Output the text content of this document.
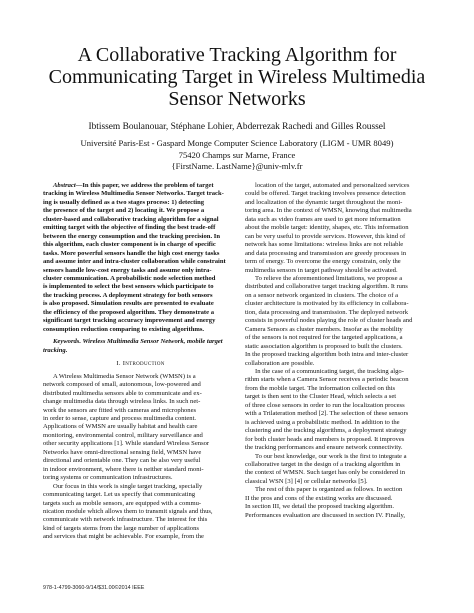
A Collaborative Tracking Algorithm for
Communicating Target in Wireless Multimedia
Sensor Networks

Ibtissem Boulanouar, Stéphane Lohier, Abderrezak Rachedi and Gilles Roussel

Université Paris-Est - Gaspard Monge Computer Science Laboratory (LIGM - UMR 8049)
75420 Champs sur Marne, France
{FirstName. LastName}@univ-mlv.fr

Abstract—In this paper, we address the problem of target
tracking in Wireless Multimedia Sensor Networks. Target track-
ing is usually defined as a two stages process: 1) detecting
the presence of the target and 2) locating it. We propose a
cluster-based and collaborative tracking algorithm for a signal
emitting target with the objective of finding the best trade-off
between the energy consumption and the tracking precision. In
this algorithm, each cluster component is in charge of specific
tasks. More powerful sensors handle the high cost energy tasks
and assume inter and intra-cluster collaboration while constraint
sensors handle low-cost energy tasks and assume only intra-
cluster communication. A probabilistic node selection method
is implemented to select the best sensors which participate to
the tracking process. A deployment strategy for both sensors
is also proposed. Simulation results are presented to evaluate
the efficiency of the proposed algorithm. They demonstrate a
significant target tracking accuracy improvement and energy
consumption reduction comparing to existing algorithms.
Keywords. Wireless Multimedia Sensor Network, mobile target
tracking.
I. Introduction

A Wireless Multimedia Sensor Network (WMSN) is a
network composed of small, autonomous, low-powered and
distributed multimedia sensors able to communicate and ex-
change multimedia data through wireless links. In such net-
work the sensors are fitted with cameras and microphones
in order to sense, capture and process multimedia content.
Applications of WMSN are usually habitat and health care
monitoring, environmental control, military surveillance and
other security applications [1]. While standard Wireless Sensor
Networks have omni-directional sensing field, WMSN have
directional and orientable one. They can be also very useful
in indoor environment, where there is neither standard moni-
toring systems or communication infrastructures.

Our focus in this work is single target tracking, specially
communicating target. Let us specify that communicating
targets such as mobile sensors, are equipped with a commu-
nication module which allows them to transmit signals and thus,
communicate with network infrastructure. The interest for this
kind of targets stems from the large number of applications
and services that might be achievable. For example, from the

location of the target, automated and personalized services
could be offered. Target tracking involves presence detection
and localization of the dynamic target throughout the moni-
toring area. In the context of WMSN, knowing that multimedia
data such as video frames are used to get more information
about the mobile target: identity, shapes, etc. This information
can be very useful to provide services. However, this kind of
network has some limitations: wireless links are not reliable
and data processing and transmission are greedy processes in
term of energy. To overcome the energy constrain, only the
multimedia sensors in target pathway should be activated.

To relieve the aforementioned limitations, we propose a
distributed and collaborative target tracking algorithm. It runs
on a sensor network organized in clusters. The choice of a
cluster architecture is motivated by its efficiency in collabora-
tion, data processing and transmission. The deployed network
consists in powerful nodes playing the role of cluster heads and
Camera Sensors as cluster members. Insofar as the mobility
of the sensors is not required for the targeted applications, a
static association algorithm is proposed to built the clusters.
In the proposed tracking algorithm both intra and inter-cluster
collaboration are possible.

In the case of a communicating target, the tracking algo-
rithm starts when a Camera Sensor receives a periodic beacon
from the mobile target. The information collected on this
target is then sent to the Cluster Head, which selects a set
of three close sensors in order to run the localization process
with a Trilateration method [2]. The selection of these sensors
is achieved using a probabilistic method. In addition to the
clustering and the tracking algorithms, a deployment strategy
for both cluster heads and members is proposed. It improves
the tracking performances and ensure network connectivity.

To our best knowledge, our work is the first to integrate a
collaborative target in the design of a tracking algorithm in
the context of WMSN. Such target has only be considered in
classical WSN [3] [4] or cellular networks [5].

The rest of this paper is organized as follows. In section
II the pros and cons of the existing works are discussed.
In section III, we detail the proposed tracking algorithm.
Performances evaluation are discussed in section IV. Finally,

978-1-4799-3060-9/14/$31.00©2014 IEEE
